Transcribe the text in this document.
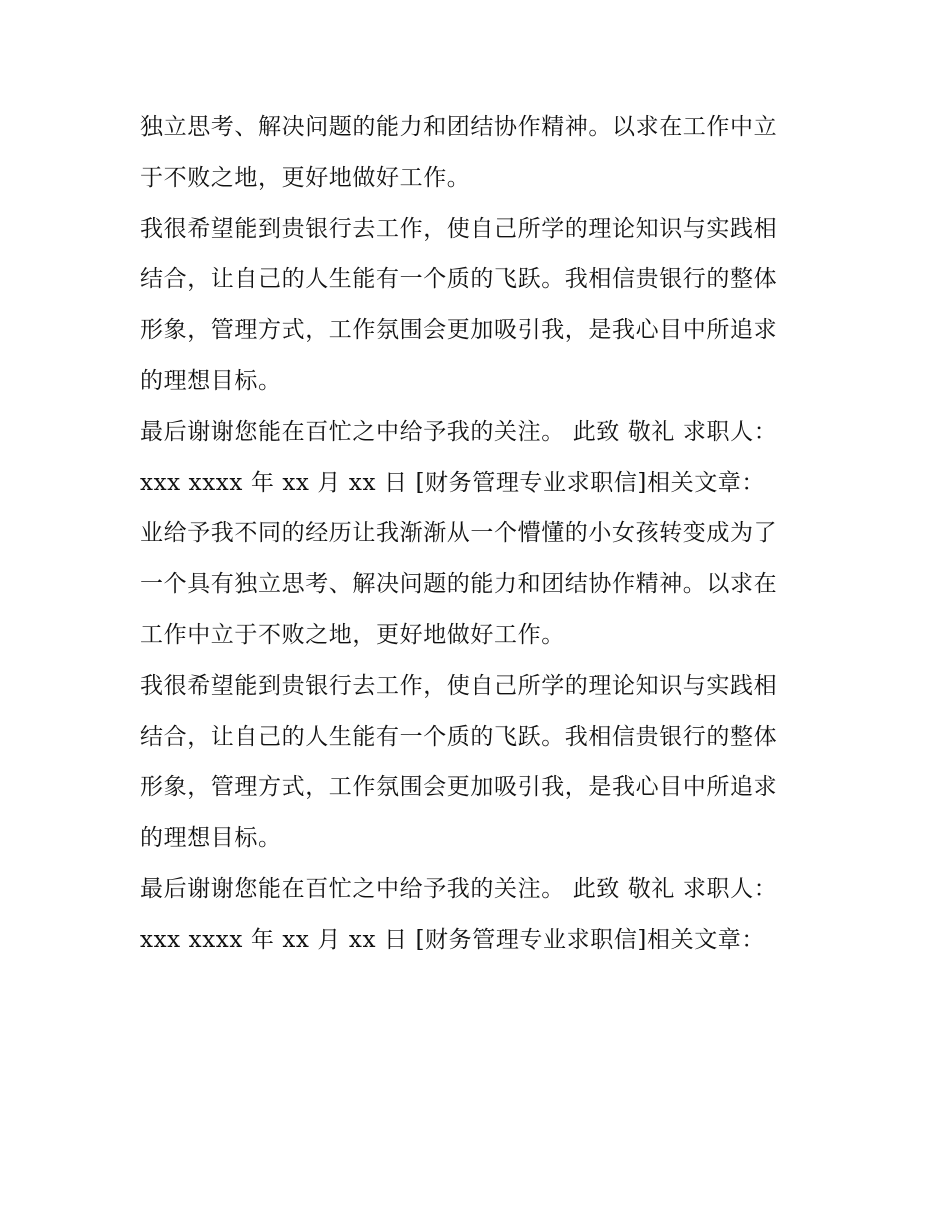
独立思考、解决问题的能力和团结协作精神。以求在工作中立
于不败之地，更好地做好工作。
我很希望能到贵银行去工作，使自己所学的理论知识与实践相
结合，让自己的人生能有一个质的飞跃。我相信贵银行的整体
形象，管理方式，工作氛围会更加吸引我，是我心目中所追求
的理想目标。
最后谢谢您能在百忙之中给予我的关注。 此致 敬礼 求职人：
xxx xxxx 年 xx 月 xx 日 [财务管理专业求职信]相关文章：
业给予我不同的经历让我渐渐从一个懵懂的小女孩转变成为了
一个具有独立思考、解决问题的能力和团结协作精神。以求在
工作中立于不败之地，更好地做好工作。
我很希望能到贵银行去工作，使自己所学的理论知识与实践相
结合，让自己的人生能有一个质的飞跃。我相信贵银行的整体
形象，管理方式，工作氛围会更加吸引我，是我心目中所追求
的理想目标。
最后谢谢您能在百忙之中给予我的关注。 此致 敬礼 求职人：
xxx xxxx 年 xx 月 xx 日 [财务管理专业求职信]相关文章：
